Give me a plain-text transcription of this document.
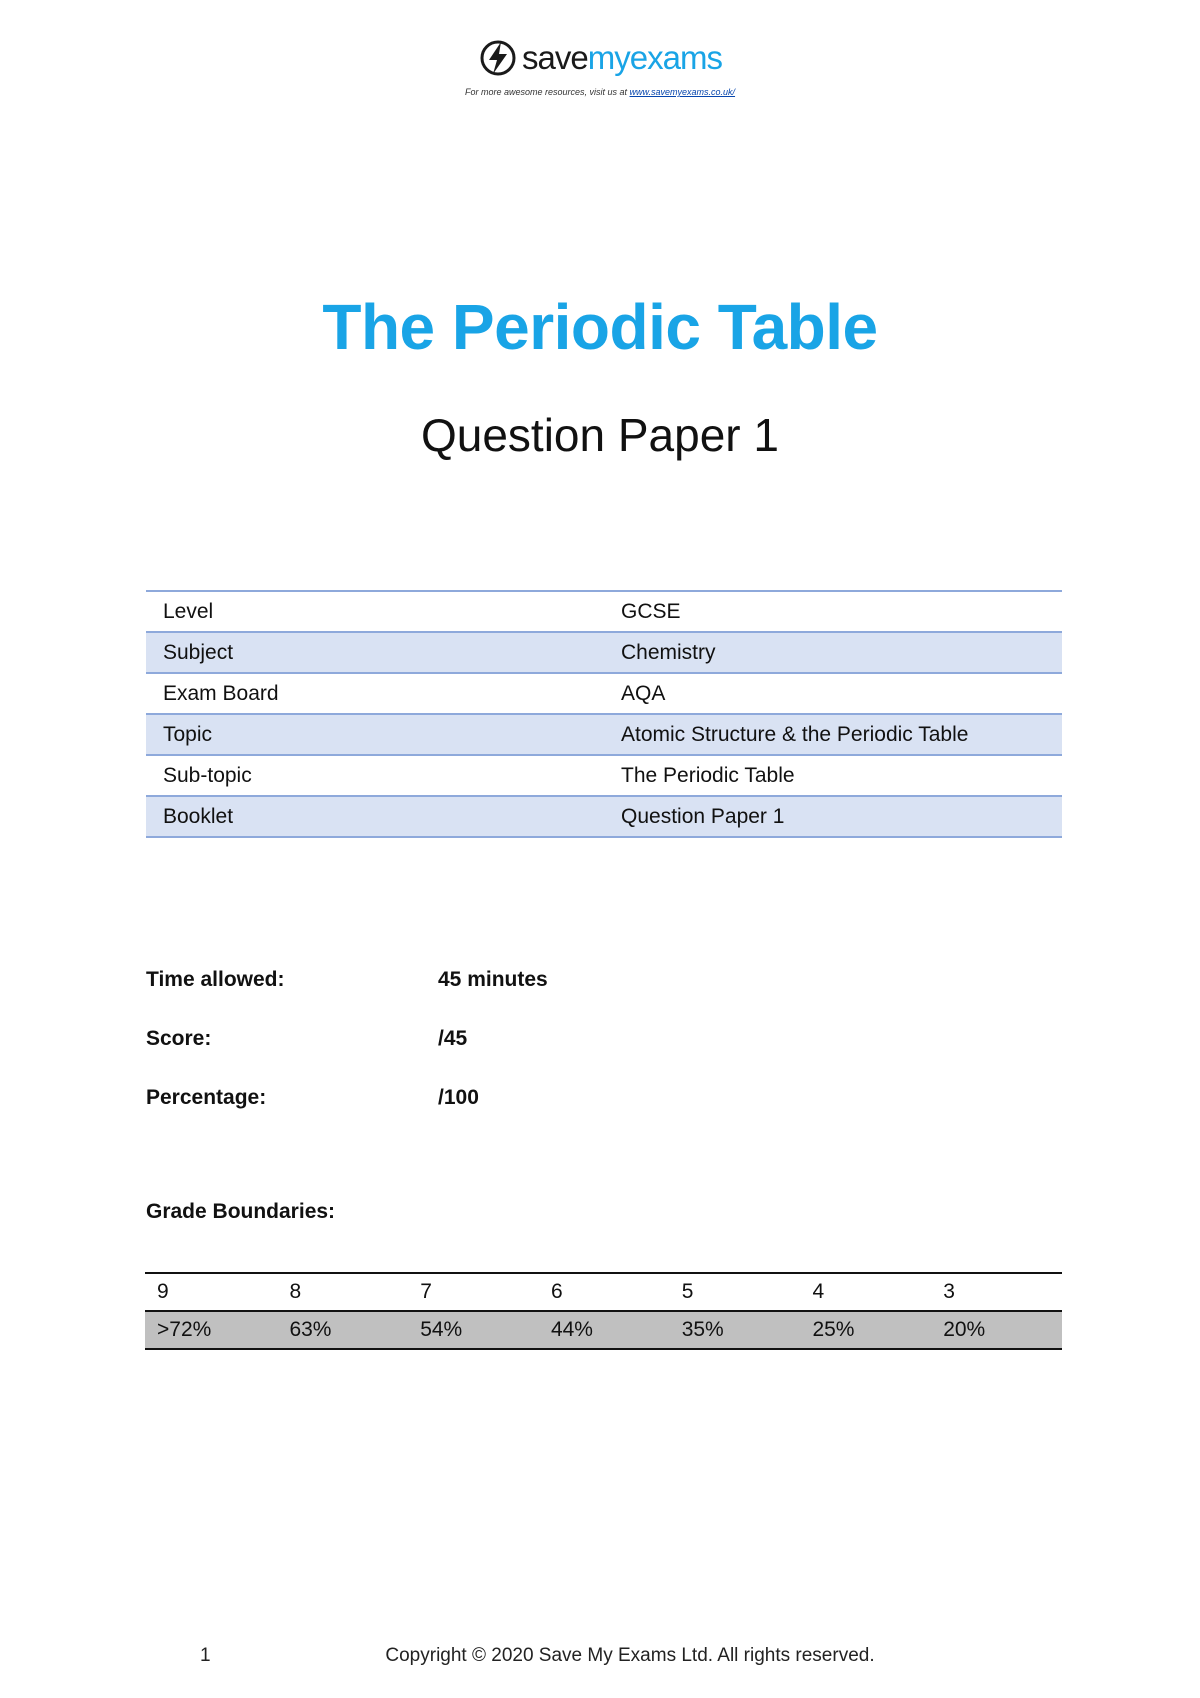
savemyexams
For more awesome resources, visit us at www.savemyexams.co.uk/
The Periodic Table
Question Paper 1
Level	GCSE
Subject	Chemistry
Exam Board	AQA
Topic	Atomic Structure & the Periodic Table
Sub-topic	The Periodic Table
Booklet	Question Paper 1
Time allowed:	45 minutes
Score:	/45
Percentage:	/100
Grade Boundaries:
9	8	7	6	5	4	3
>72%	63%	54%	44%	35%	25%	20%
1	Copyright © 2020 Save My Exams Ltd. All rights reserved.
